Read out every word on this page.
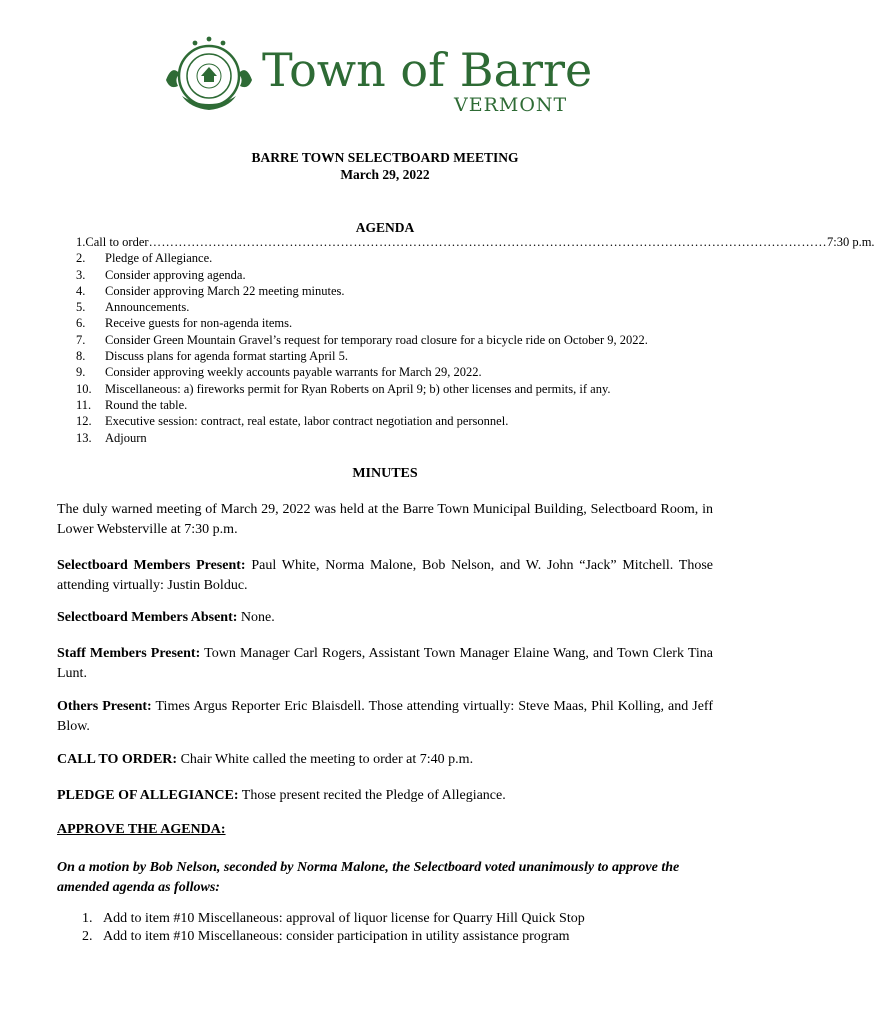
Town of Barre
VERMONT
BARRE TOWN SELECTBOARD MEETING
March 29, 2022
AGENDA
1. Call to order …………………………………………………………………………………………………………………………………………… 7:30 p.m.
2.	Pledge of Allegiance.
3.	Consider approving agenda.
4.	Consider approving March 22 meeting minutes.
5.	Announcements.
6.	Receive guests for non-agenda items.
7.	Consider Green Mountain Gravel’s request for temporary road closure for a bicycle ride on October 9, 2022.
8.	Discuss plans for agenda format starting April 5.
9.	Consider approving weekly accounts payable warrants for March 29, 2022.
10.	Miscellaneous: a) fireworks permit for Ryan Roberts on April 9; b) other licenses and permits, if any.
11.	Round the table.
12.	Executive session: contract, real estate, labor contract negotiation and personnel.
13.	Adjourn
MINUTES
The duly warned meeting of March 29, 2022 was held at the Barre Town Municipal Building, Selectboard Room, in Lower Websterville at 7:30 p.m.
Selectboard Members Present: Paul White, Norma Malone, Bob Nelson, and W. John “Jack” Mitchell. Those attending virtually: Justin Bolduc.
Selectboard Members Absent: None.
Staff Members Present: Town Manager Carl Rogers, Assistant Town Manager Elaine Wang, and Town Clerk Tina Lunt.
Others Present: Times Argus Reporter Eric Blaisdell. Those attending virtually: Steve Maas, Phil Kolling, and Jeff Blow.
CALL TO ORDER: Chair White called the meeting to order at 7:40 p.m.
PLEDGE OF ALLEGIANCE: Those present recited the Pledge of Allegiance.
APPROVE THE AGENDA:
On a motion by Bob Nelson, seconded by Norma Malone, the Selectboard voted unanimously to approve the amended agenda as follows:
1. Add to item #10 Miscellaneous: approval of liquor license for Quarry Hill Quick Stop
2. Add to item #10 Miscellaneous: consider participation in utility assistance program
